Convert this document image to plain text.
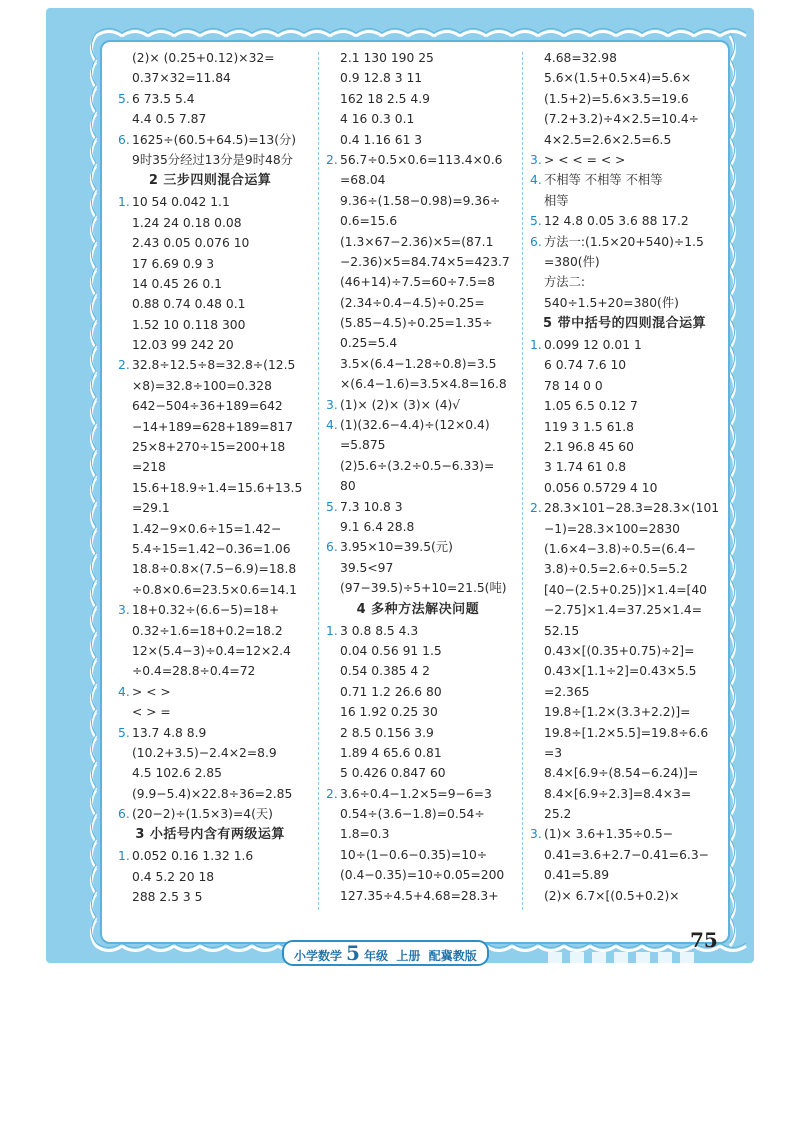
(2)× (0.25+0.12)×32=
0.37×32=11.84
5. 6 73.5 5.4
4.4 0.5 7.87
6. 1625÷(60.5+64.5)=13(分)
9时35分经过13分是9时48分
2 三步四则混合运算
1. 10 54 0.042 1.1
1.24 24 0.18 0.08
2.43 0.05 0.076 10
17 6.69 0.9 3
14 0.45 26 0.1
0.88 0.74 0.48 0.1
1.52 10 0.118 300
12.03 99 242 20
2. 32.8÷12.5÷8=32.8÷(12.5
×8)=32.8÷100=0.328
642−504÷36+189=642
−14+189=628+189=817
25×8+270÷15=200+18
=218
15.6+18.9÷1.4=15.6+13.5
=29.1
1.42−9×0.6÷15=1.42−
5.4÷15=1.42−0.36=1.06
18.8÷0.8×(7.5−6.9)=18.8
÷0.8×0.6=23.5×0.6=14.1
3. 18+0.32÷(6.6−5)=18+
0.32÷1.6=18+0.2=18.2
12×(5.4−3)÷0.4=12×2.4
÷0.4=28.8÷0.4=72
4. > < >
< > =
5. 13.7 4.8 8.9
(10.2+3.5)−2.4×2=8.9
4.5 102.6 2.85
(9.9−5.4)×22.8÷36=2.85
6. (20−2)÷(1.5×3)=4(天)
3 小括号内含有两级运算
1. 0.052 0.16 1.32 1.6
0.4 5.2 20 18
288 2.5 3 5
2.1 130 190 25
0.9 12.8 3 11
162 18 2.5 4.9
4 16 0.3 0.1
0.4 1.16 61 3
2. 56.7÷0.5×0.6=113.4×0.6
=68.04
9.36÷(1.58−0.98)=9.36÷
0.6=15.6
(1.3×67−2.36)×5=(87.1
−2.36)×5=84.74×5=423.7
(46+14)÷7.5=60÷7.5=8
(2.34÷0.4−4.5)÷0.25=
(5.85−4.5)÷0.25=1.35÷
0.25=5.4
3.5×(6.4−1.28÷0.8)=3.5
×(6.4−1.6)=3.5×4.8=16.8
3. (1)× (2)× (3)× (4)√
4. (1)(32.6−4.4)÷(12×0.4)
=5.875
(2)5.6÷(3.2÷0.5−6.33)=
80
5. 7.3 10.8 3
9.1 6.4 28.8
6. 3.95×10=39.5(元)
39.5<97
(97−39.5)÷5+10=21.5(吨)
4 多种方法解决问题
1. 3 0.8 8.5 4.3
0.04 0.56 91 1.5
0.54 0.385 4 2
0.71 1.2 26.6 80
16 1.92 0.25 30
2 8.5 0.156 3.9
1.89 4 65.6 0.81
5 0.426 0.847 60
2. 3.6÷0.4−1.2×5=9−6=3
0.54÷(3.6−1.8)=0.54÷
1.8=0.3
10÷(1−0.6−0.35)=10÷
(0.4−0.35)=10÷0.05=200
127.35÷4.5+4.68=28.3+
4.68=32.98
5.6×(1.5+0.5×4)=5.6×
(1.5+2)=5.6×3.5=19.6
(7.2+3.2)÷4×2.5=10.4÷
4×2.5=2.6×2.5=6.5
3. > < < = < >
4. 不相等 不相等 不相等
相等
5. 12 4.8 0.05 3.6 88 17.2
6. 方法一:(1.5×20+540)÷1.5
=380(件)
方法二:
540÷1.5+20=380(件)
5 带中括号的四则混合运算
1. 0.099 12 0.01 1
6 0.74 7.6 10
78 14 0 0
1.05 6.5 0.12 7
119 3 1.5 61.8
2.1 96.8 45 60
3 1.74 61 0.8
0.056 0.5729 4 10
2. 28.3×101−28.3=28.3×(101
−1)=28.3×100=2830
(1.6×4−3.8)÷0.5=(6.4−
3.8)÷0.5=2.6÷0.5=5.2
[40−(2.5+0.25)]×1.4=[40
−2.75]×1.4=37.25×1.4=
52.15
0.43×[(0.35+0.75)÷2]=
0.43×[1.1÷2]=0.43×5.5
=2.365
19.8÷[1.2×(3.3+2.2)]=
19.8÷[1.2×5.5]=19.8÷6.6
=3
8.4×[6.9÷(8.54−6.24)]=
8.4×[6.9÷2.3]=8.4×3=
25.2
3. (1)× 3.6+1.35÷0.5−
0.41=3.6+2.7−0.41=6.3−
0.41=5.89
(2)× 6.7×[(0.5+0.2)×
小学数学 5 年级 上册 配冀教版
75
